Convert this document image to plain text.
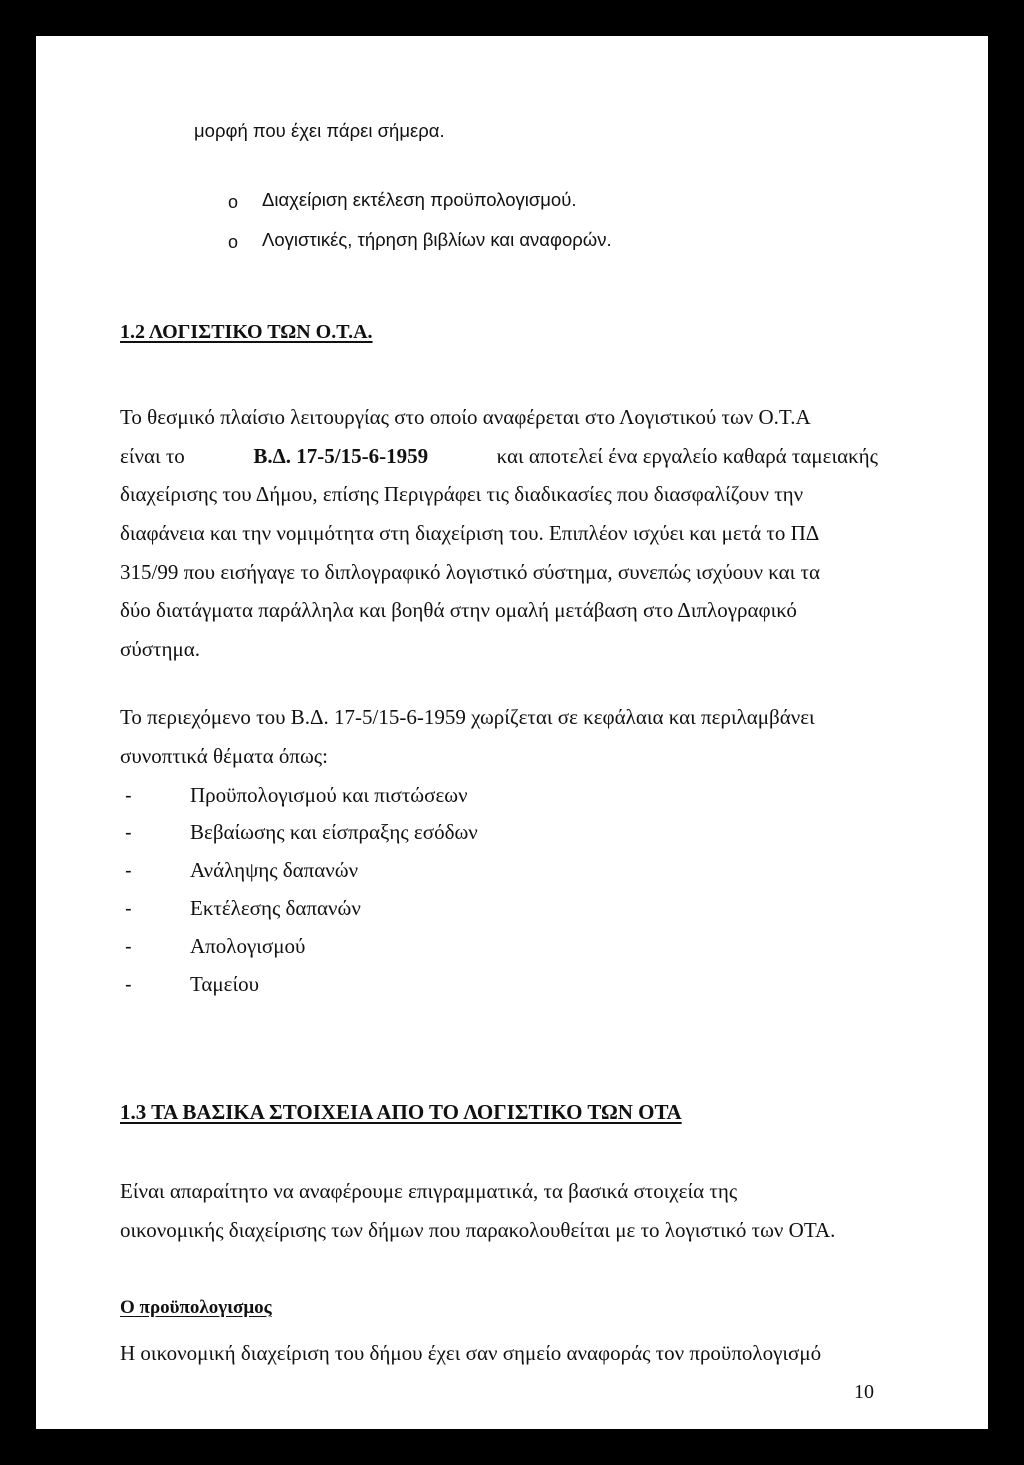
μορφή που έχει πάρει σήμερα.
o Διαχείριση εκτέλεση προϋπολογισμού.
o Λογιστικές, τήρηση βιβλίων και αναφορών.
1.2 ΛΟΓΙΣΤΙΚΟ ΤΩΝ Ο.Τ.Α.
Το θεσμικό πλαίσιο λειτουργίας στο οποίο αναφέρεται στο Λογιστικού των Ο.Τ.Α
είναι το	Β.Δ. 17-5/15-6-1959	και αποτελεί ένα εργαλείο καθαρά ταμειακής
διαχείρισης του Δήμου, επίσης Περιγράφει τις διαδικασίες που διασφαλίζουν την
διαφάνεια και την νομιμότητα στη διαχείριση του. Επιπλέον ισχύει και μετά το ΠΔ
315/99 που εισήγαγε το διπλογραφικό λογιστικό σύστημα, συνεπώς ισχύουν και τα
δύο διατάγματα παράλληλα και βοηθά στην ομαλή μετάβαση στο Διπλογραφικό
σύστημα.
Το περιεχόμενο του Β.Δ. 17-5/15-6-1959 χωρίζεται σε κεφάλαια και περιλαμβάνει
συνοπτικά θέματα όπως:
-	Προϋπολογισμού και πιστώσεων
-	Βεβαίωσης και είσπραξης εσόδων
-	Ανάληψης δαπανών
-	Εκτέλεσης δαπανών
-	Απολογισμού
-	Ταμείου
1.3 ΤΑ ΒΑΣΙΚΑ ΣΤΟΙΧΕΙΑ ΑΠΟ ΤΟ ΛΟΓΙΣΤΙΚΟ ΤΩΝ ΟΤΑ
Είναι απαραίτητο να αναφέρουμε επιγραμματικά, τα βασικά στοιχεία της
οικονομικής διαχείρισης των δήμων που παρακολουθείται με το λογιστικό των ΟΤΑ.
Ο προϋπολογισμος
Η οικονομική διαχείριση του δήμου έχει σαν σημείο αναφοράς τον προϋπολογισμό
10
